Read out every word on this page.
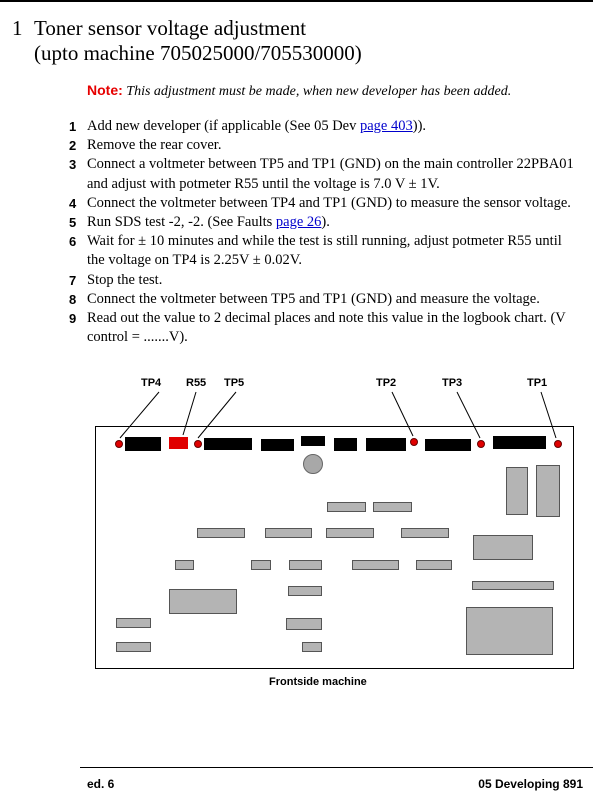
1 Toner sensor voltage adjustment
(upto machine 705025000/705530000)
Note: This adjustment must be made, when new developer has been added.
1 Add new developer (if applicable (See 05 Dev page 403)).
2 Remove the rear cover.
3 Connect a voltmeter between TP5 and TP1 (GND) on the main controller 22PBA01 and adjust with potmeter R55 until the voltage is 7.0 V ± 1V.
4 Connect the voltmeter between TP4 and TP1 (GND) to measure the sensor voltage.
5 Run SDS test -2, -2. (See Faults page 26).
6 Wait for ± 10 minutes and while the test is still running, adjust potmeter R55 until the voltage on TP4 is 2.25V ± 0.02V.
7 Stop the test.
8 Connect the voltmeter between TP5 and TP1 (GND) and measure the voltage.
9 Read out the value to 2 decimal places and note this value in the logbook chart. (V control = .......V).
TP4 R55 TP5	TP2	TP3	TP1
Frontside machine
ed. 6	05 Developing 891
